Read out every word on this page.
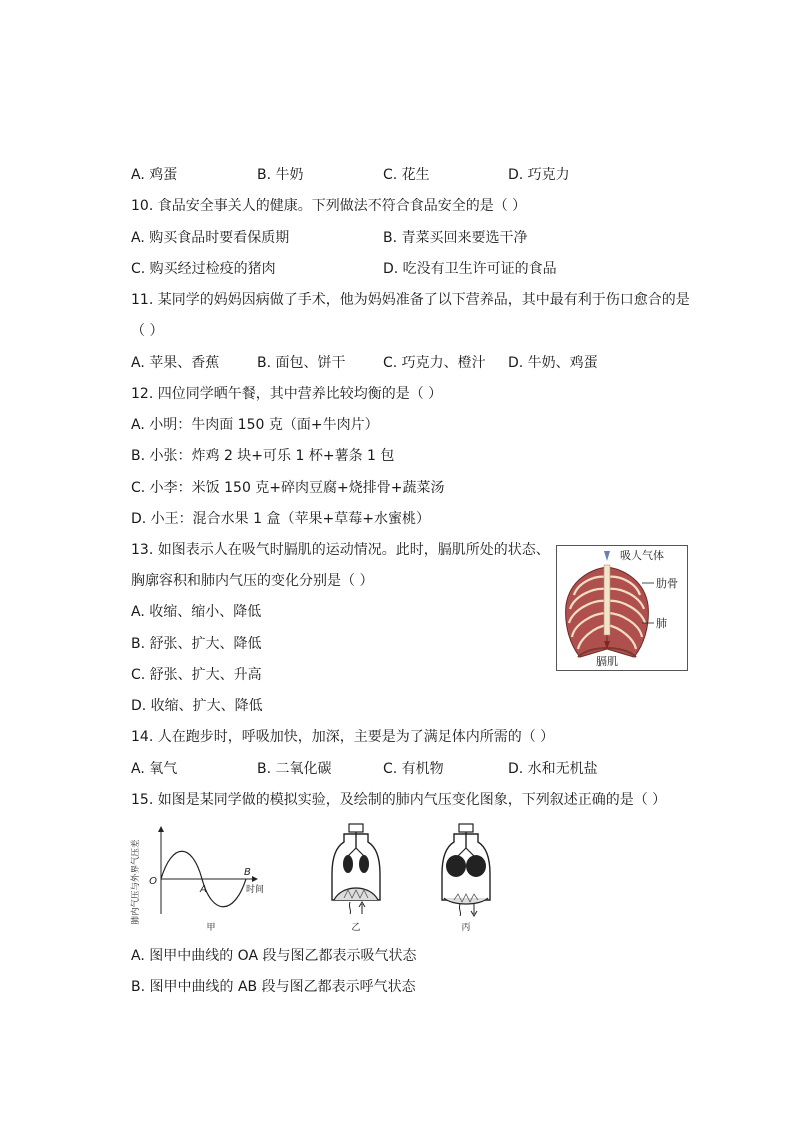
A. 鸡蛋	B. 牛奶	C. 花生	D. 巧克力
10. 食品安全事关人的健康。下列做法不符合食品安全的是（ ）
A. 购买食品时要看保质期	B. 青菜买回来要选干净
C. 购买经过检疫的猪肉	D. 吃没有卫生许可证的食品
11. 某同学的妈妈因病做了手术，他为妈妈准备了以下营养品，其中最有利于伤口愈合的是
（ ）
A. 苹果、香蕉	B. 面包、饼干	C. 巧克力、橙汁 D. 牛奶、鸡蛋
12. 四位同学晒午餐，其中营养比较均衡的是（ ）
A. 小明：牛肉面 150 克（面+牛肉片）
B. 小张：炸鸡 2 块+可乐 1 杯+薯条 1 包
C. 小李：米饭 150 克+碎肉豆腐+烧排骨+蔬菜汤
D. 小王：混合水果 1 盒（苹果+草莓+水蜜桃）
13. 如图表示人在吸气时膈肌的运动情况。此时，膈肌所处的状态、
胸廓容积和肺内气压的变化分别是（ ）
A. 收缩、缩小、降低
B. 舒张、扩大、降低
C. 舒张、扩大、升高
D. 收缩、扩大、降低
吸人气体
肋骨
肺
膈肌
14. 人在跑步时，呼吸加快，加深，主要是为了满足体内所需的（ ）
A. 氧气	B. 二氧化碳	C. 有机物	D. 水和无机盐
15. 如图是某同学做的模拟实验，及绘制的肺内气压变化图象，下列叙述正确的是（ ）
肺内气压与外界气压差 O
A
B
时间
甲	乙	丙
A. 图甲中曲线的 OA 段与图乙都表示吸气状态
B. 图甲中曲线的 AB 段与图乙都表示呼气状态
